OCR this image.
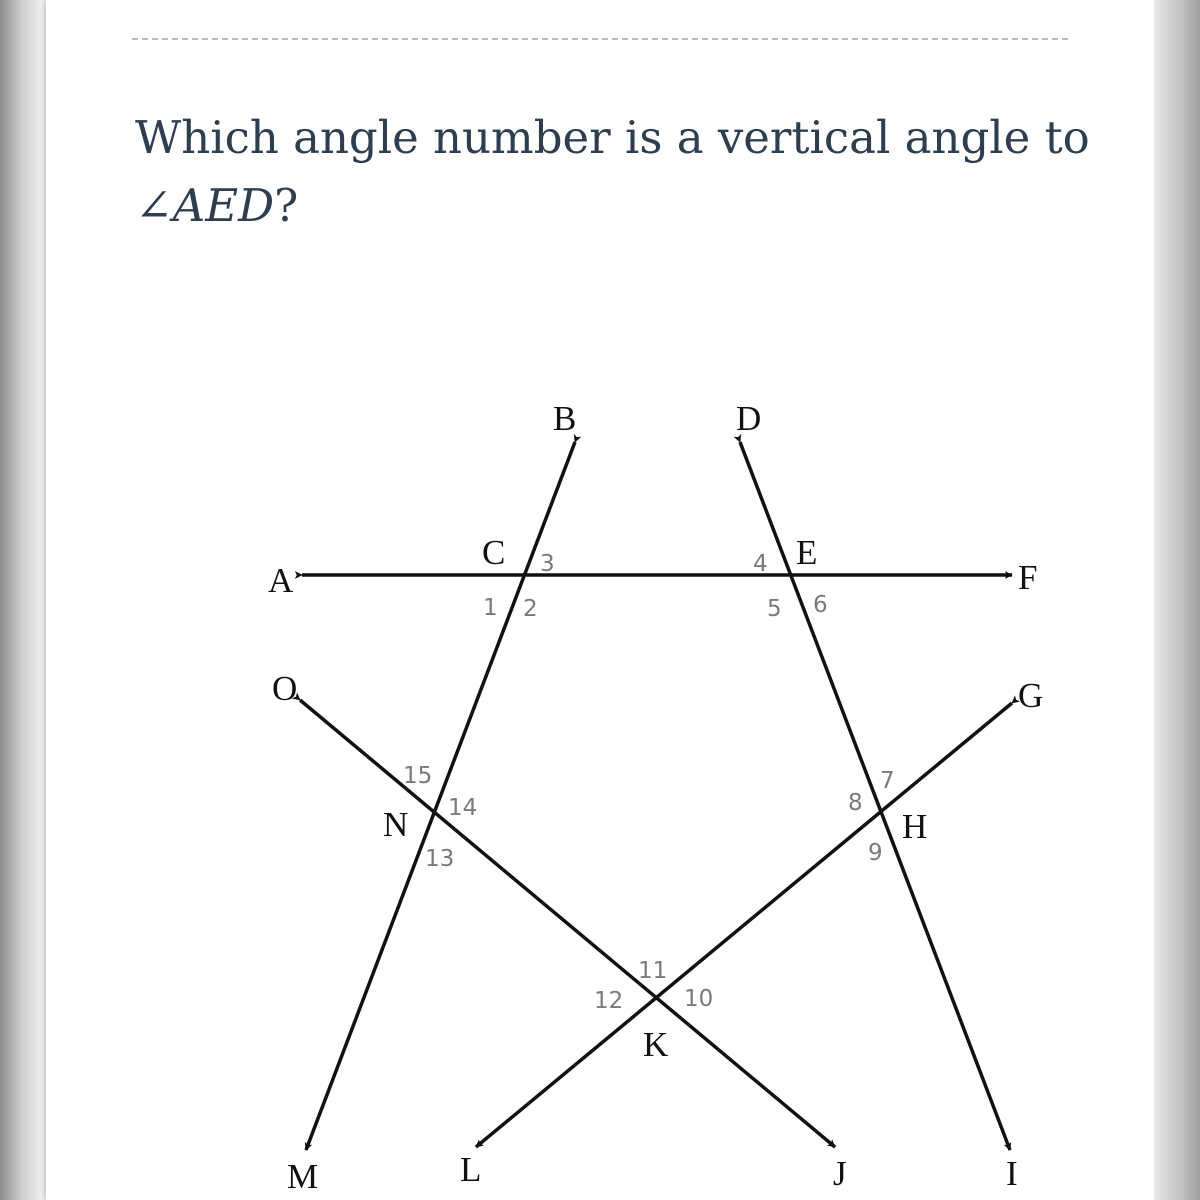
Which angle number is a vertical angle to
∠AED?
A
B
C
D
E
F
G
H
I
J
K
L
M
N
O
1 2
3	4
5 6
7
8
9
10
11
12
13
14
15
